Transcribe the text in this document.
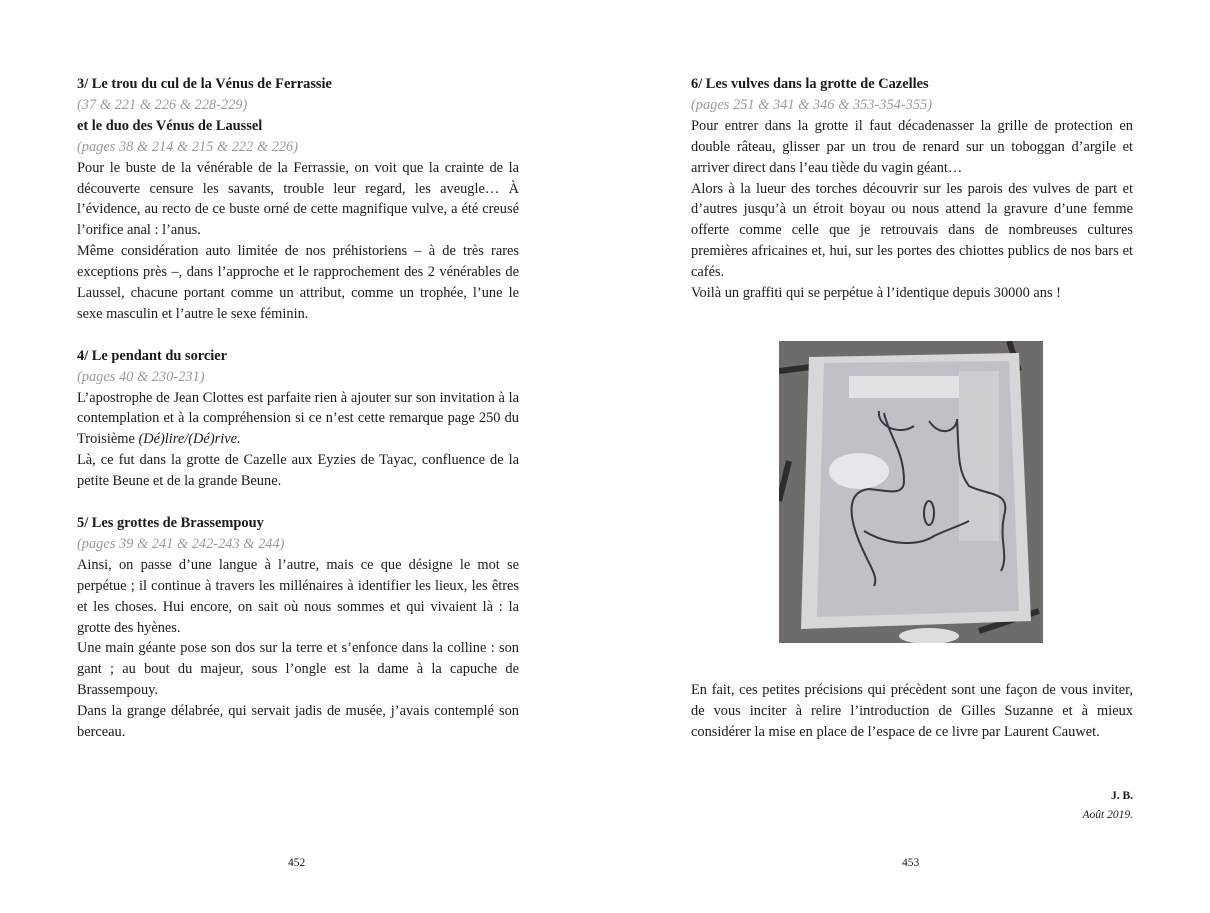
3/ Le trou du cul de la Vénus de Ferrassie

(37 & 221 & 226 & 228-229)

et le duo des Vénus de Laussel

(pages 38 & 214 & 215 & 222 & 226)

Pour le buste de la vénérable de la Ferrassie, on voit que la crainte de la découverte censure les savants, trouble leur regard, les aveugle… À l’évidence, au recto de ce buste orné de cette magnifique vulve, a été creusé l’orifice anal : l’anus.

Même considération auto limitée de nos préhistoriens – à de très rares exceptions près –, dans l’approche et le rapprochement des 2 vénérables de Laussel, chacune portant comme un attribut, comme un trophée, l’une le sexe masculin et l’autre le sexe féminin.

4/ Le pendant du sorcier

(pages 40 & 230-231)

L’apostrophe de Jean Clottes est parfaite rien à ajouter sur son invitation à la contemplation et à la compréhension si ce n’est cette remarque page 250 du Troisième (Dé)lire/(Dé)rive.

Là, ce fut dans la grotte de Cazelle aux Eyzies de Tayac, confluence de la petite Beune et de la grande Beune.

5/ Les grottes de Brassempouy

(pages 39 & 241 & 242-243 & 244)

Ainsi, on passe d’une langue à l’autre, mais ce que désigne le mot se perpétue ; il continue à travers les millénaires à identifier les lieux, les êtres et les choses. Hui encore, on sait où nous sommes et qui vivaient là : la grotte des hyènes.

Une main géante pose son dos sur la terre et s’enfonce dans la colline : son gant ; au bout du majeur, sous l’ongle est la dame à la capuche de Brassempouy.

Dans la grange délabrée, qui servait jadis de musée, j’avais contemplé son berceau.

6/ Les vulves dans la grotte de Cazelles

(pages 251 & 341 & 346 & 353-354-355)

Pour entrer dans la grotte il faut décadenasser la grille de protection en double râteau, glisser par un trou de renard sur un toboggan d’argile et arriver direct dans l’eau tiède du vagin géant…

Alors à la lueur des torches découvrir sur les parois des vulves de part et d’autres jusqu’à un étroit boyau ou nous attend la gravure d’une femme offerte comme celle que je retrouvais dans de nombreuses cultures premières africaines et, hui, sur les portes des chiottes publics de nos bars et cafés.

Voilà un graffiti qui se perpétue à l’identique depuis 30000 ans !

En fait, ces petites précisions qui précèdent sont une façon de vous inviter, de vous inciter à relire l’introduction de Gilles Suzanne et à mieux considérer la mise en place de l’espace de ce livre par Laurent Cauwet.

J. B.
Août 2019.
452	453
